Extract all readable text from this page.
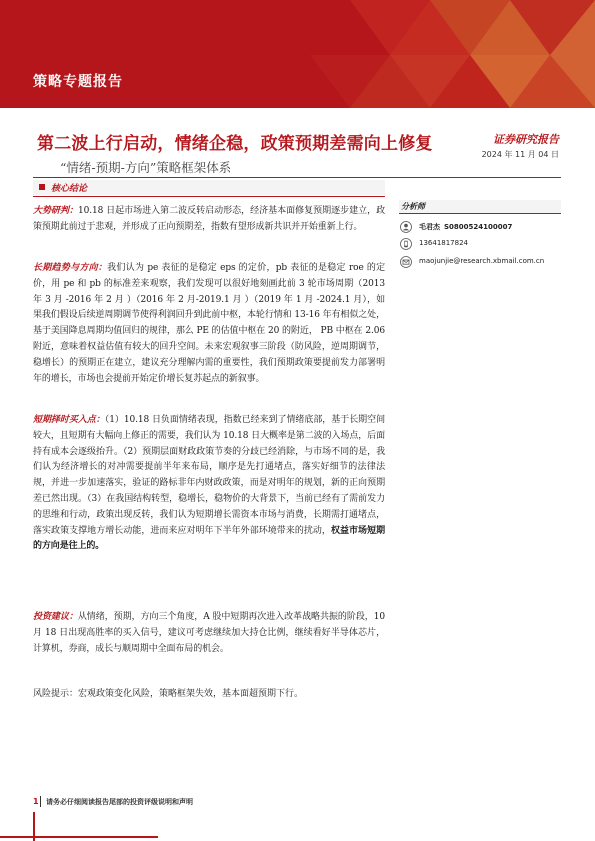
策略专题报告
第二波上行启动，情绪企稳，政策预期差需向上修复
“情绪-预期-方向”策略框架体系
证券研究报告
2024 年 11 月 04 日
核心结论

大势研判：10.18 日起市场进入第二波反转启动形态，经济基本面修复预期逐步建立，政策预期此前过于悲观，并形成了正向预期差，指数有望形成新共识并开始重新上行。

长期趋势与方向：我们认为 pe 表征的是稳定 eps 的定价，pb 表征的是稳定 roe 的定价，用 pe 和 pb 的标准差来观察，我们发现可以很好地刻画此前 3 轮市场周期（2013 年 3 月 -2016 年 2 月 ）（2016 年 2 月-2019.1 月 ）（2019 年 1 月 -2024.1 月），如果我们假设后续逆周期调节使得利润回升到此前中枢，本轮行情和 13-16 年有相似之处，基于美国降息周期均值回归的规律，那么 PE 的估值中枢在 20 的附近， PB 中枢在 2.06 附近，意味着权益估值有较大的回升空间。未来宏观叙事三阶段（防风险，逆周期调节，稳增长）的预期正在建立，建议充分理解内需的重要性，我们预期政策要提前发力部署明年的增长，市场也会提前开始定价增长复苏起点的新叙事。

短期择时买入点：（1）10.18 日负面情绪表现，指数已经来到了情绪底部，基于长期空间较大，且短期有大幅向上修正的需要，我们认为 10.18 日大概率是第二波的入场点，后面持有成本会逐级抬升。（2）预期层面财政政策节奏的分歧已经消除，与市场不同的是，我们认为经济增长的对冲需要提前半年来布局，顺序是先打通堵点，落实好细节的法律法规，并进一步加速落实，验证的路标非年内财政政策，而是对明年的规划，新的正向预期差已然出现。（3）在我国结构转型，稳增长，稳物价的大背景下，当前已经有了需前发力的思维和行动，政策出现反转，我们认为短期增长需资本市场与消费，长期需打通堵点，落实政策支撑地方增长动能，进而来应对明年下半年外部环境带来的扰动，权益市场短期的方向是往上的。

投资建议：从情绪，预期，方向三个角度，A 股中短期再次进入改革战略共振的阶段，10 月 18 日出现高胜率的买入信号，建议可考虑继续加大持仓比例，继续看好半导体芯片，计算机，券商，成长与顺周期中全面布局的机会。

风险提示：宏观政策变化风险，策略框架失效，基本面超预期下行。

分析师
毛君杰 S0800524100007
13641817824
maojunjie@research.xbmail.com.cn
1 请务必仔细阅读报告尾部的投资评级说明和声明
